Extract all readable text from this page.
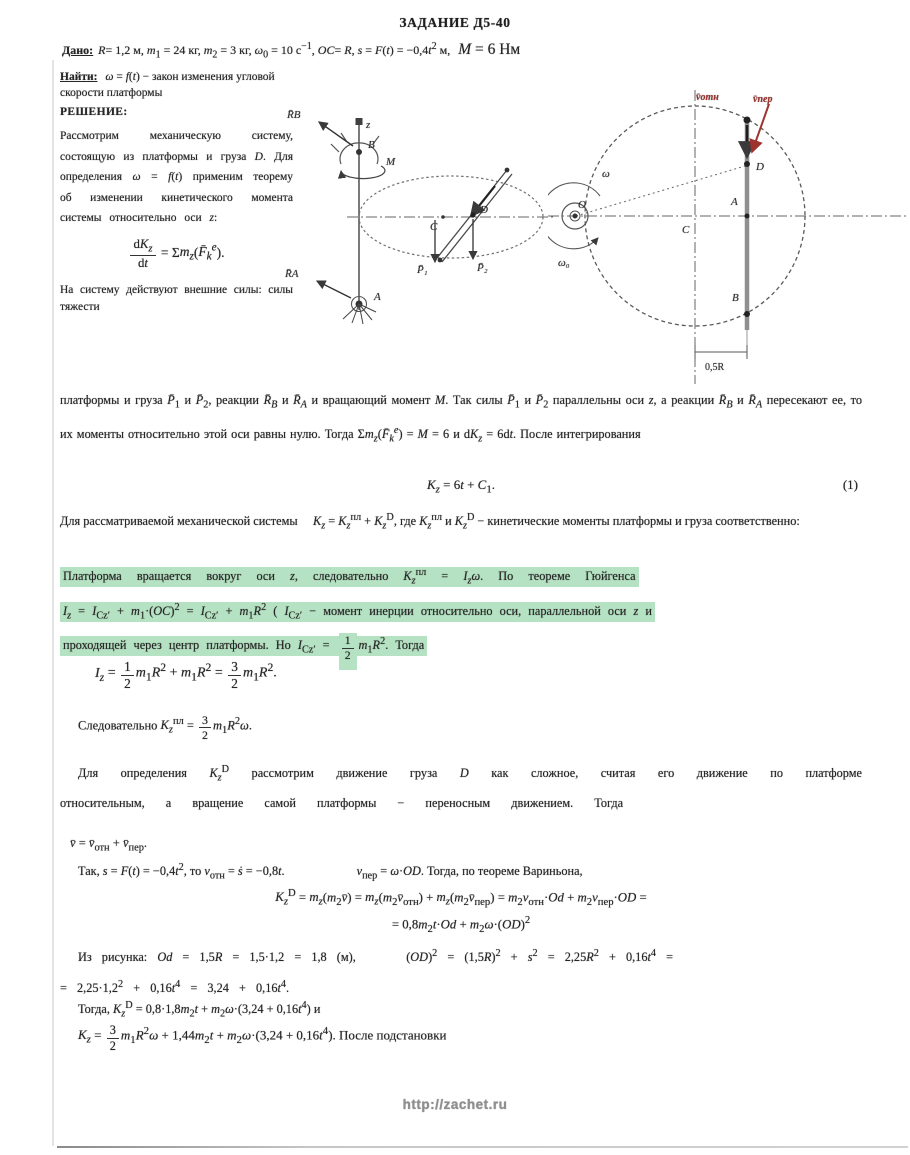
ЗАДАНИЕ Д5-40
Дано: R= 1,2 м, $m_1 = 24$ кг, $m_2 = 3$ кг, $\omega_0 = 10$ $с^{-1}$, OC= R, $s = F(t) = -0,4t^2$ м, M = 6 Нм
Найти: ω = f(t) − закон изменения угловой скорости платформы
РЕШЕНИЕ:
Рассмотрим механическую систему, состоящую из платформы и груза D. Для определения ω = f(t) применим теорему об изменении кинетического момента системы относительно оси z:
$dK_z$
dt
= $\Sigma m_z(F̄_k^e)$.
На систему действуют внешние силы: силы тяжести
z
R̄B
B
M
C
D
P̄₁	P̄₂
A
R̄A
v̄отн	v̄пер
D
A
B
C
O
ω
ω₀
0,5R
платформы и груза $P̄_1$ и $P̄_2$, реакции $R̄_B$ и $R̄_A$ и вращающий момент M. Так силы $P̄_1$ и $P̄_2$ параллельны оси z, а реакции $R̄_B$ и $R̄_A$ пересекают ее, то их моменты относительно этой оси равны нулю. Тогда $\Sigma m_z(F̄_k^e) = M = 6$ и $dK_z = 6dt$. После интегрирования
$K_z = 6t + C_1$.	(1)
Для рассматриваемой механической системы     $K_z = K_z^{пл} + K_z^D$, где $K_z^{пл}$ и $K_z^D$ − кинетические моменты платформы и груза соответственно:
Платформа вращается вокруг оси z, следовательно $K_z^{пл} = I_z\omega$. По теореме Гюйгенса
$I_z = I_{Cz'} + m_1\cdot(OC)^2 = I_{Cz'} + m_1R^2$ ( $I_{Cz'}$ − момент инерции относительно оси, параллельной оси z и
проходящей через центр платформы. Но $I_{Cz'} = \frac{1}{2} m_1R^2$. Тогда
$I_z = \frac{1}{2} m_1R^2 + m_1R^2 = \frac{3}{2} m_1R^2$.
Следовательно $K_z^{пл} = \frac{3}{2} m_1R^2\omega$.
Для определения $K_z^D$ рассмотрим движение груза D как сложное, считая его движение по платформе относительным, а вращение самой платформы − переносным движением. Тогда
v̄ = $v̄_{отн}$ + $v̄_{пер}$.
Так, $s = F(t) = -0,4t^2$, то $v_{отн}$ = ṡ = −0,8t.	$v_{пер} = \omega\cdot OD$. Тогда, по теореме Вариньона,
$K_z^D$ = $m_z(m_2v̄)$ = $m_z(m_2v̄_{отн})$ + $m_z(m_2v̄_{пер}) = m_2v_{отн}\cdot Od + m_2v_{пер}\cdot OD$ =
= $0,8m_2t\cdot Od + m_2\omega\cdot(OD)^2$
Из рисунка: Od = 1,5R = 1,5·1,2 = 1,8 (м),     $(OD)^2 = (1,5R)^2 + s^2 = 2,25R^2 + 0,16t^4$ =
= $2,25\cdot 1,2^2 + 0,16t^4 = 3,24 + 0,16t^4$.
Тогда, $K_z^D = 0,8\cdot 1,8m_2t + m_2\omega\cdot(3,24 + 0,16t^4)$ и
$K_z = \frac{3}{2} m_1R^2\omega + 1,44m_2t + m_2\omega\cdot(3,24 + 0,16t^4)$. После подстановки
http://zachet.ru
